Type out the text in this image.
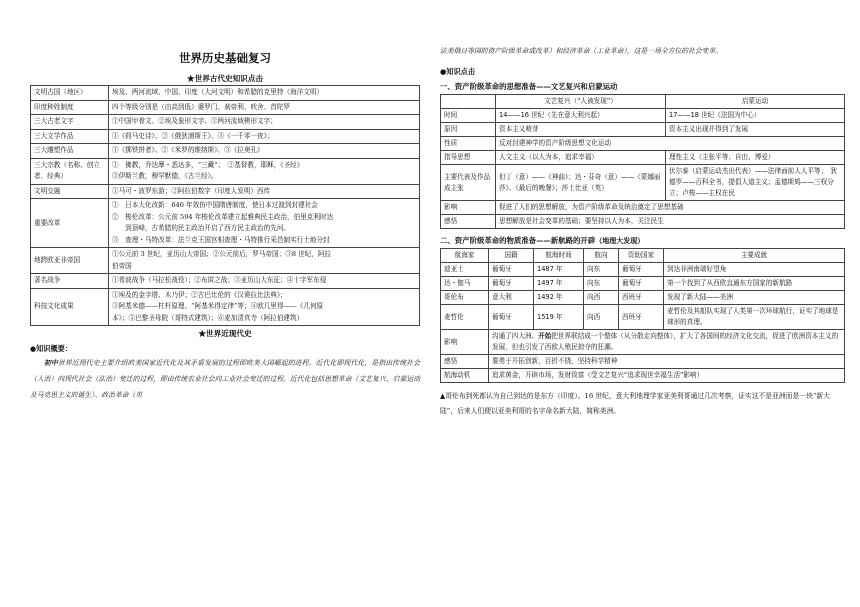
世界历史基础复习
★世界古代史知识点击
文明古国（地区）	埃及、两河流域、中国、印度（大河文明）和希腊的克里特（海洋文明）

印度种姓制度	四个等级分别是（由高到低）婆罗门、刹帝利、吠舍、首陀罗

三大古老文字	①中国甲骨文、②埃及象形文字、③两河流域楔形文字；

三大文学作品	①《荷马史诗》、②《俄狄浦斯王》、③《一千零一夜》；

三大雕塑作品	①《掷铁饼者》、②《米罗的维纳斯》、③《拉奥孔》

三大宗教（名称、创立者、经典）	①　佛教，乔达摩・悉达多，“三藏”；　②基督教，耶稣，《圣经》
③伊斯兰教，穆罕默德，《古兰经》。

文明交融	①马可・波罗东游；②阿拉伯数字（印度人发明）西传

重要改革	①　日本大化改新：646 年效仿中国隋唐制度，使日本过渡到封建社会
②　梭伦改革：公元前 594 年梭伦改革建立起雅典民主政治，伯里克利时达
　　到顶峰，古希腊的民主政治开启了西方民主政治的先河。
③　查理・马特改革：法兰克王国宫相查理・马特推行采邑制实行土地分封

地跨欧亚非帝国	①公元前 3 世纪，亚历山大帝国；②公元前后，罗马帝国；③8 世纪，阿拉
伯帝国

著名战争	①希波战争（马拉松战役）；②布匿之战；③亚历山大东征；④十字军东侵

科技文化成果	①埃及的金字塔、木乃伊；②古巴比伦的《汉谟拉比法典》；
③阿基米德——杠杆原理、“阿基米得定律”等；④欧几里得——《几何原
本》；⑤巴黎圣母院（哥特式建筑）；⑥麦加清真寺（阿拉伯建筑）
★世界近现代史
●知识概要：
初中世界近现代史主要介绍欧美国家近代化及其矛盾发展的过程即欧美大国崛起的进程。近代化即现代化，是指由传统社会（人治）向现代社会（法治）变迁的过程，即由传统农业社会向工业社会变迁的过程。近代化包括思想革命（文艺复兴、启蒙运动及马克思主义的诞生）、政治革命（英
法美俄日等国的资产阶级革命或改革）和经济革命（工业革命），这是一场全方位的社会变革。
●知识点击
一、资产阶级革命的思想准备——文艺复兴和启蒙运动
	文艺复兴（“人被发现”）	启蒙运动
时间	14——16 世纪（先在意大利兴起）	17——18 世纪（法国为中心）
原因	资本主义萌芽	资本主义出现并得到了发展
性质	反对封建神学的资产阶级思想文化运动	
指导思想	人文主义（以人为本，追求幸福）	理性主义（主张平等、自由、博爱）
主要代表及作品成主张	但丁（意）——《神曲》；达・芬奇（意）——《蒙娜丽莎》、《最后的晚餐》；莎士比亚（英）	伏尔泰（启蒙运动杰出代表）——法律面前人人平等；　狄德罗——百科全书，提倡人道主义；孟德斯鸠——三权分立；卢梭——主权在民
影响	促进了人们的思想解放，为资产阶级革命及统治奠定了思想基础	
感悟	思想解放是社会变革的基础；要坚持以人为本，关注民生	
二、资产阶级革命的物质准备——新航路的开辟（地理大发现）
航海家	国籍	航海时间	航向	资助国家	主要成就
迪亚士	葡萄牙	1487 年	向东	葡萄牙	到达非洲南端好望角
达・伽马	葡萄牙	1497 年	向东	葡萄牙	第一个找到了从西欧直通东方国家的新航路
哥伦布	意大利	1492 年	向西	西班牙	发现了新大陆——美洲
麦哲伦	葡萄牙	1519 年	向西	西班牙	麦哲伦及其船队实现了人类第一次环球航行，证实了地球是球形的真理。
影响	沟通了四大洲。开始把世界联结成一个整体（从分散走向整体），扩大了各国间的经济文化交流，促进了欧洲资本主义的发展，但也引发了西欧人殖民掠夺的狂潮。				
感悟	要勇于开拓创新，百折不挠，坚持科学精神				
航海动机	追求黄金，开辟市场，发财致富（受文艺复兴“追求现世幸福生活”影响）				
▲哥伦布到死都认为自己到达的是东方（印度）。16 世纪，意大利地理学家亚美利哥通过几次考察，证实这不是亚洲而是一块“新大陆”，后来人们便以亚美利哥的名字命名新大陆，简称美洲。
